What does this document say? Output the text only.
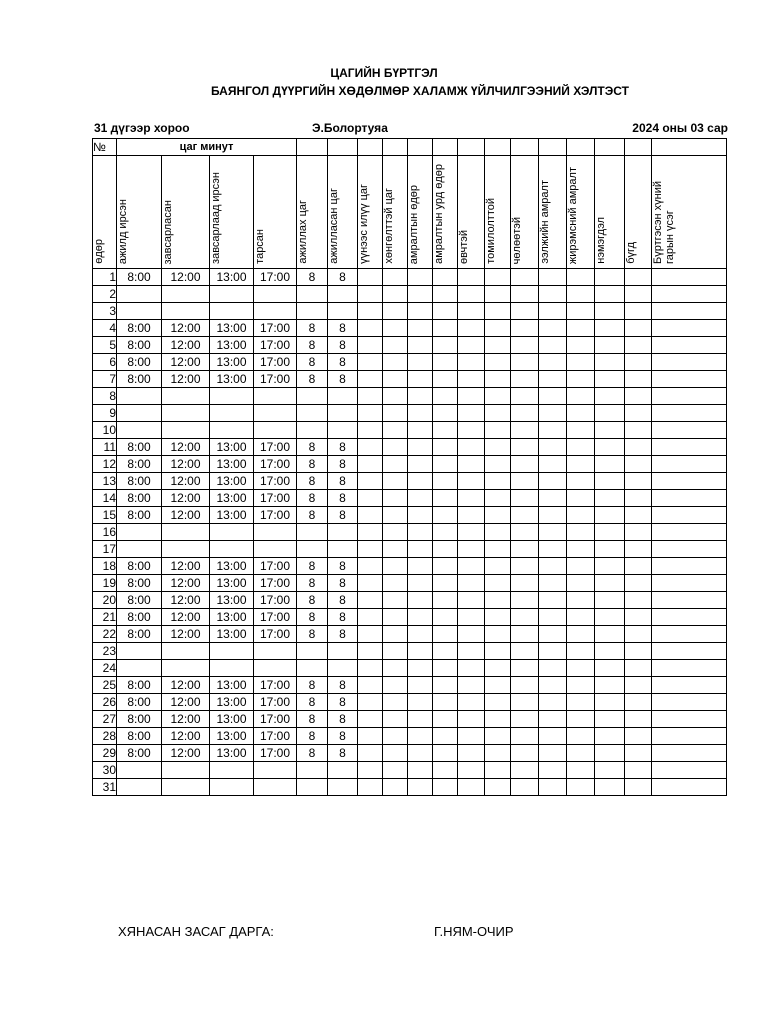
ЦАГИЙН БҮРТГЭЛ
БАЯНГОЛ ДҮҮРГИЙН ХӨДӨЛМӨР ХАЛАМЖ ҮЙЛЧИЛГЭЭНИЙ ХЭЛТЭСТ
31 дүгээр хороо	Э.Болортуяа	2024 оны 03 сар
№	цаг минут																	
өдөр	ажилд ирсэн	завсарласан	завсарлаад ирсэн	тарсан	ажиллах цаг	ажилласан цаг	үүнээс илүү цаг	хөнгөлттэй цаг	амралтын өдөр	амралтын урд өдөр	өвчтэй	томилолттой	чөлөөтэй	ээлжийн амралт	жирэмсний амралт	нэмэгдэл	бүгд	Бүртгэсэн хүний гарын үсэг
1	8:00	12:00	13:00	17:00	8	8												
2																		
3																		
4	8:00	12:00	13:00	17:00	8	8												
5	8:00	12:00	13:00	17:00	8	8												
6	8:00	12:00	13:00	17:00	8	8												
7	8:00	12:00	13:00	17:00	8	8												
8																		
9																		
10																		
11	8:00	12:00	13:00	17:00	8	8												
12	8:00	12:00	13:00	17:00	8	8												
13	8:00	12:00	13:00	17:00	8	8												
14	8:00	12:00	13:00	17:00	8	8												
15	8:00	12:00	13:00	17:00	8	8												
16																		
17																		
18	8:00	12:00	13:00	17:00	8	8												
19	8:00	12:00	13:00	17:00	8	8												
20	8:00	12:00	13:00	17:00	8	8												
21	8:00	12:00	13:00	17:00	8	8												
22	8:00	12:00	13:00	17:00	8	8												
23																		
24																		
25	8:00	12:00	13:00	17:00	8	8												
26	8:00	12:00	13:00	17:00	8	8												
27	8:00	12:00	13:00	17:00	8	8												
28	8:00	12:00	13:00	17:00	8	8												
29	8:00	12:00	13:00	17:00	8	8												
30																		
31																		
ХЯНАСАН ЗАСАГ ДАРГА:	Г.НЯМ-ОЧИР
